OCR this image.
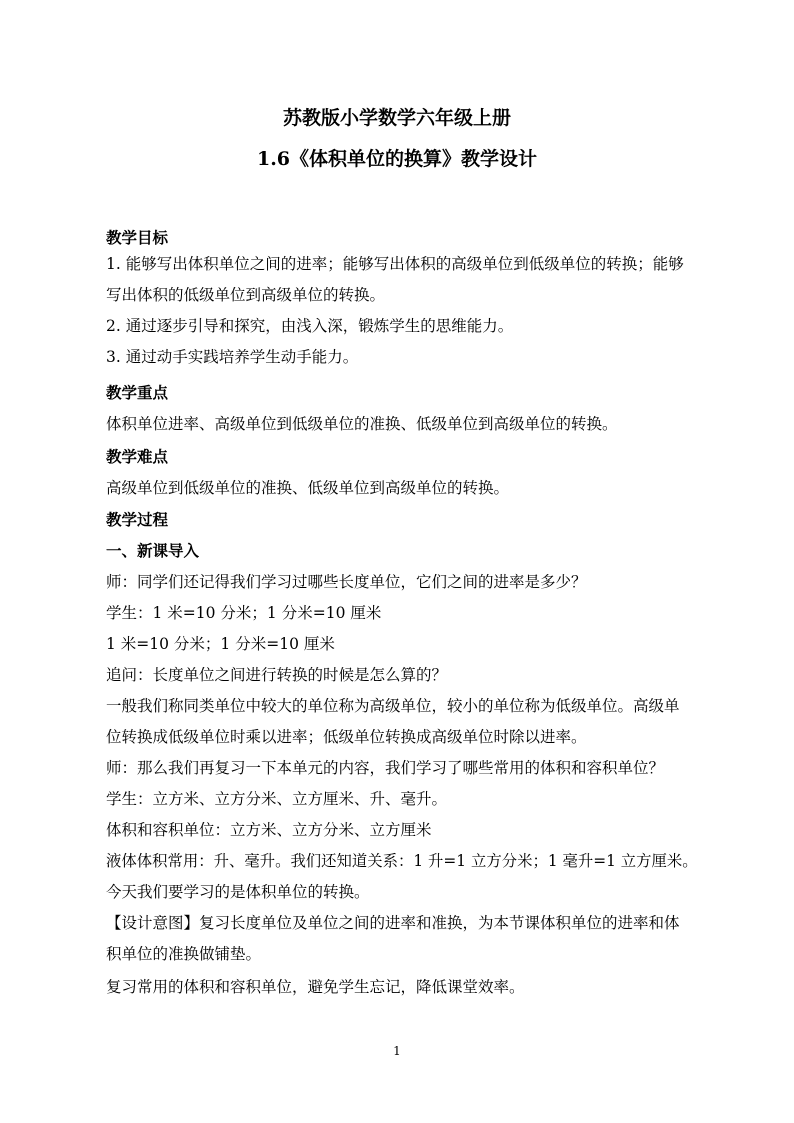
苏教版小学数学六年级上册
1.6《体积单位的换算》教学设计
教学目标
1. 能够写出体积单位之间的进率；能够写出体积的高级单位到低级单位的转换；能够
写出体积的低级单位到高级单位的转换。
2. 通过逐步引导和探究，由浅入深，锻炼学生的思维能力。
3. 通过动手实践培养学生动手能力。
教学重点
体积单位进率、高级单位到低级单位的准换、低级单位到高级单位的转换。
教学难点
高级单位到低级单位的准换、低级单位到高级单位的转换。
教学过程
一、新课导入
师：同学们还记得我们学习过哪些长度单位，它们之间的进率是多少？
学生：1 米=10 分米；1 分米=10 厘米
1 米=10 分米；1 分米=10 厘米
追问：长度单位之间进行转换的时候是怎么算的？
一般我们称同类单位中较大的单位称为高级单位，较小的单位称为低级单位。高级单
位转换成低级单位时乘以进率；低级单位转换成高级单位时除以进率。
师：那么我们再复习一下本单元的内容，我们学习了哪些常用的体积和容积单位？
学生：立方米、立方分米、立方厘米、升、毫升。
体积和容积单位：立方米、立方分米、立方厘米
液体体积常用：升、毫升。我们还知道关系：1 升=1 立方分米；1 毫升=1 立方厘米。
今天我们要学习的是体积单位的转换。
【设计意图】复习长度单位及单位之间的进率和准换，为本节课体积单位的进率和体
积单位的准换做铺垫。
复习常用的体积和容积单位，避免学生忘记，降低课堂效率。
1
